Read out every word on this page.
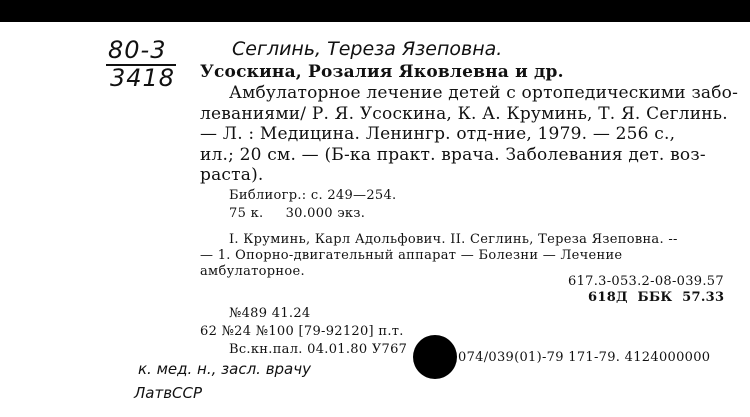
80-3
3418
Сеглинь, Тереза Язеповна.
Усоскина, Розалия Яковлевна и др.
Амбулаторное лечение детей с ортопедическими забо-
леваниями/ Р. Я. Усоскина, К. А. Круминь, Т. Я. Сеглинь.
— Л. : Медицина. Ленингр. отд-ние, 1979. — 256 с.,
ил.; 20 см. — (Б-ка практ. врача. Заболевания дет. воз-
раста).
Библиогр.: с. 249—254.
75 к.     30.000 экз.
I. Круминь, Карл Адольфович. II. Сеглинь, Тереза Язеповна. --
— 1. Опорно-двигательный аппарат — Болезни — Лечение
амбулаторное.
617.3-053.2-08-039.57
618Д  ББК  57.33
№489 41.24
62 №24 №100 [79-92120] п.т.
Вс.кн.пал. 04.01.80 У767
074/039(01)-79 171-79. 4124000000
к. мед. н., засл. врачу
ЛатвССР
